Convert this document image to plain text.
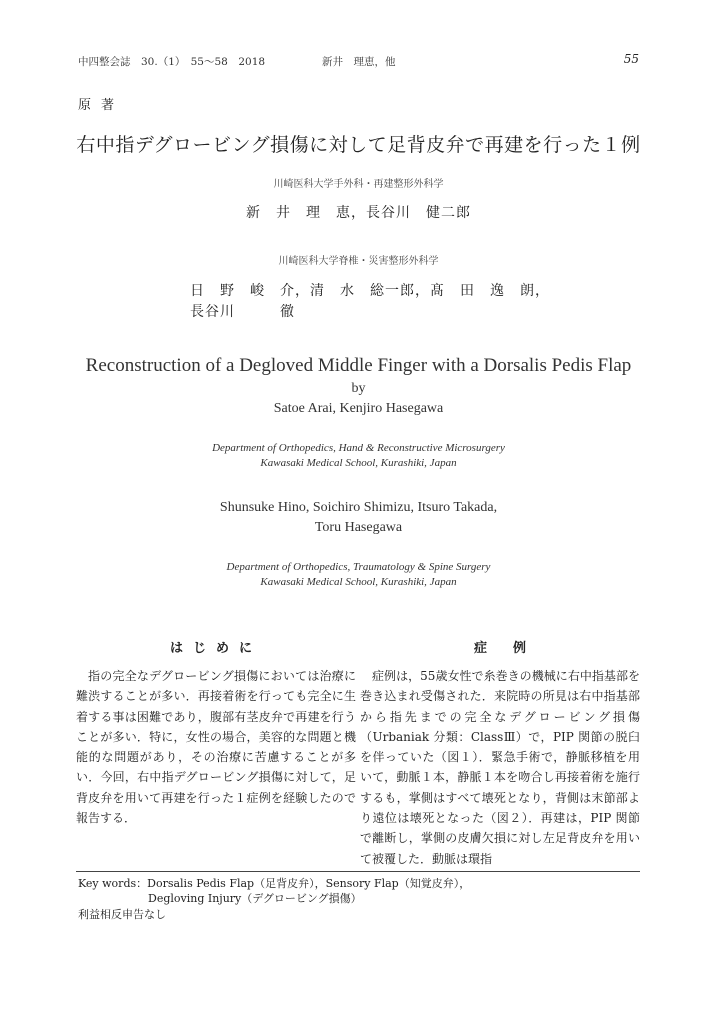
中四整会誌　30.（1）　55～58　2018	新井　理恵，他	55
原著
右中指デグロービング損傷に対して足背皮弁で再建を行った１例
川崎医科大学手外科・再建整形外科学
新　井　理　恵，長谷川　健二郎
川崎医科大学脊椎・災害整形外科学
日　野　峻　介，清　水　総一郎，髙　田　逸　朗，
長谷川　　　徹
Reconstruction of a Degloved Middle Finger with a Dorsalis Pedis Flap
by
Satoe Arai, Kenjiro Hasegawa
Department of Orthopedics, Hand & Reconstructive Microsurgery
Kawasaki Medical School, Kurashiki, Japan
Shunsuke Hino, Soichiro Shimizu, Itsuro Takada,
Toru Hasegawa
Department of Orthopedics, Traumatology & Spine Surgery
Kawasaki Medical School, Kurashiki, Japan
はじめに	症　　例

指の完全なデグロービング損傷においては治療に難渋することが多い．再接着術を行っても完全に生着する事は困難であり，腹部有茎皮弁で再建を行うことが多い．特に，女性の場合，美容的な問題と機能的な問題があり，その治療に苦慮することが多い．今回，右中指デグロービング損傷に対して，足背皮弁を用いて再建を行った１症例を経験したので報告する．

症例は，55歳女性で糸巻きの機械に右中指基部を巻き込まれ受傷された．来院時の所見は右中指基部から指先までの完全なデグロービング損傷（Urbaniak 分類：ClassⅢ）で，PIP 関節の脱臼を伴っていた（図１）．緊急手術で，静脈移植を用いて，動脈１本，静脈１本を吻合し再接着術を施行するも，掌側はすべて壊死となり，背側は末節部より遠位は壊死となった（図２）．再建は，PIP 関節で離断し，掌側の皮膚欠損に対し左足背皮弁を用いて被覆した．動脈は環指

Key words：Dorsalis Pedis Flap（足背皮弁），Sensory Flap（知覚皮弁），
Degloving Injury（デグロービング損傷）
利益相反申告なし
